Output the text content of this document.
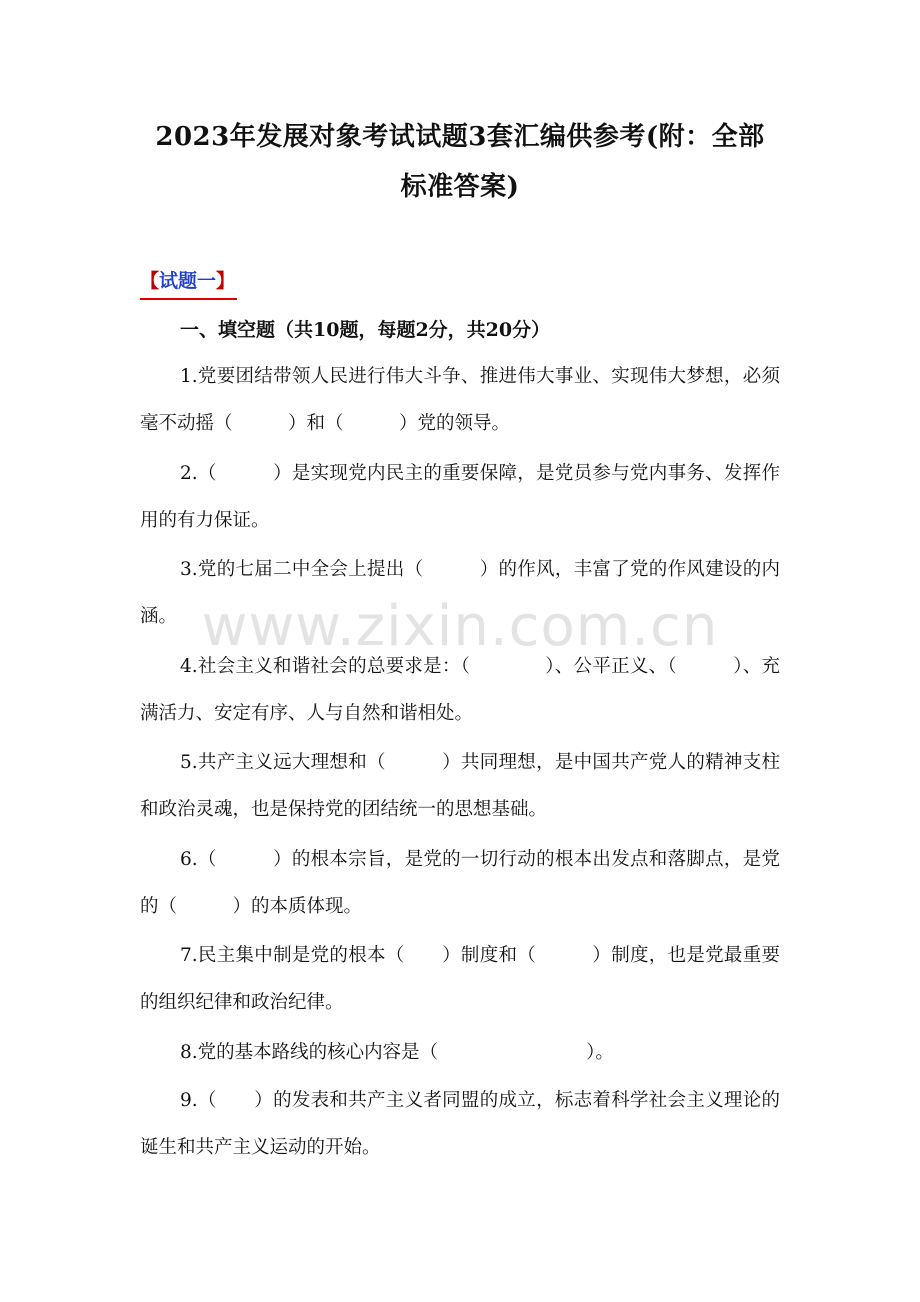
2023年发展对象考试试题3套汇编供参考(附：全部
标准答案)
【试题一】
一、填空题（共10题，每题2分，共20分）

1.党要团结带领人民进行伟大斗争、推进伟大事业、实现伟大梦想，必须毫不动摇（　　　）和（　　　）党的领导。

2.（　　　）是实现党内民主的重要保障，是党员参与党内事务、发挥作用的有力保证。

3.党的七届二中全会上提出（　　　）的作风，丰富了党的作风建设的内涵。

4.社会主义和谐社会的总要求是：（　　　　）、公平正义、（　　　）、充满活力、安定有序、人与自然和谐相处。

5.共产主义远大理想和（　　　）共同理想，是中国共产党人的精神支柱和政治灵魂，也是保持党的团结统一的思想基础。

6.（　　　）的根本宗旨，是党的一切行动的根本出发点和落脚点，是党的（　　　）的本质体现。

7.民主集中制是党的根本（　　）制度和（　　　）制度，也是党最重要的组织纪律和政治纪律。

8.党的基本路线的核心内容是（　　　　　　　　）。

9.（　　）的发表和共产主义者同盟的成立，标志着科学社会主义理论的诞生和共产主义运动的开始。

www.zixin.com.cn
